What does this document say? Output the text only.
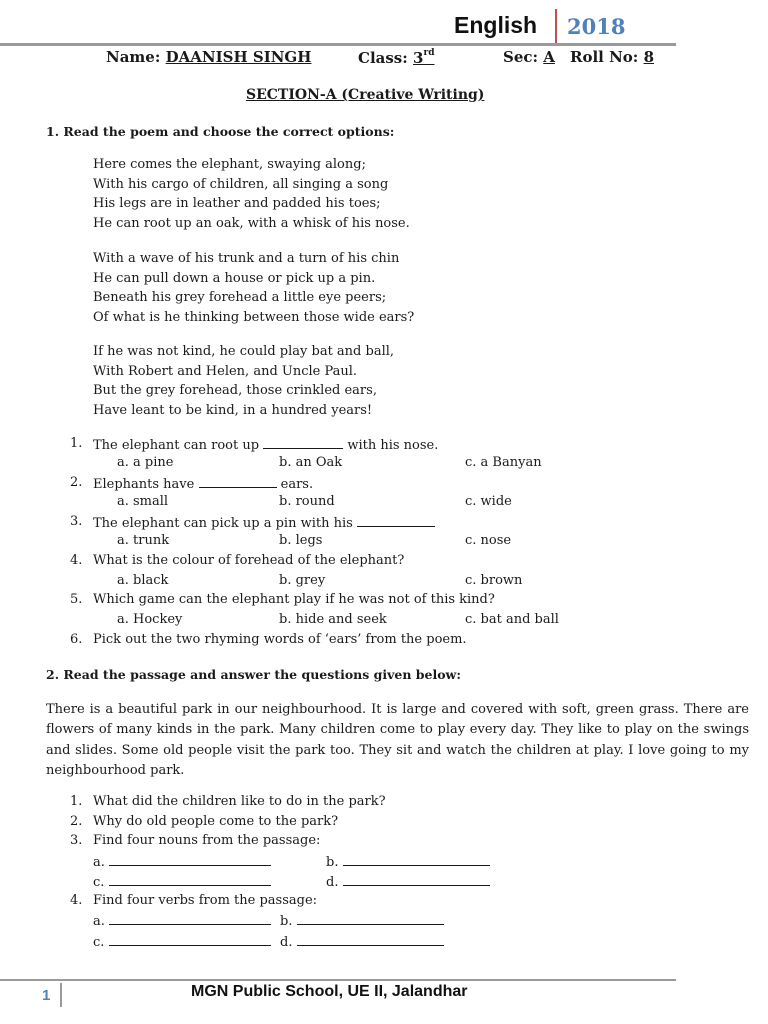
English 2018
Name: DAANISH SINGH	Class: 3rd	Sec: A Roll No: 8
SECTION-A (Creative Writing)
1. Read the poem and choose the correct options:
Here comes the elephant, swaying along;
With his cargo of children, all singing a song
His legs are in leather and padded his toes;
He can root up an oak, with a whisk of his nose.
With a wave of his trunk and a turn of his chin
He can pull down a house or pick up a pin.
Beneath his grey forehead a little eye peers;
Of what is he thinking between those wide ears?
If he was not kind, he could play bat and ball,
With Robert and Helen, and Uncle Paul.
But the grey forehead, those crinkled ears,
Have leant to be kind, in a hundred years!
1. The elephant can root up	with his nose.
a. a pine	b. an Oak	c. a Banyan
2. Elephants have	ears.
a. small	b. round	c. wide
3. The elephant can pick up a pin with his
a. trunk	b. legs	c. nose
4. What is the colour of forehead of the elephant?
a. black	b. grey	c. brown
5. Which game can the elephant play if he was not of this kind?
a. Hockey	b. hide and seek	c. bat and ball
6. Pick out the two rhyming words of ‘ears’ from the poem.
2. Read the passage and answer the questions given below:
There is a beautiful park in our neighbourhood. It is large and covered with soft, green grass. There are flowers of many kinds in the park. Many children come to play every day. They like to play on the swings and slides. Some old people visit the park too. They sit and watch the children at play. I love going to my neighbourhood park.
1. What did the children like to do in the park?
2. Why do old people come to the park?
3. Find four nouns from the passage:
a.	b.
c.	d.
4. Find four verbs from the passage:
a.	b.
c.	d.
1	MGN Public School, UE II, Jalandhar
